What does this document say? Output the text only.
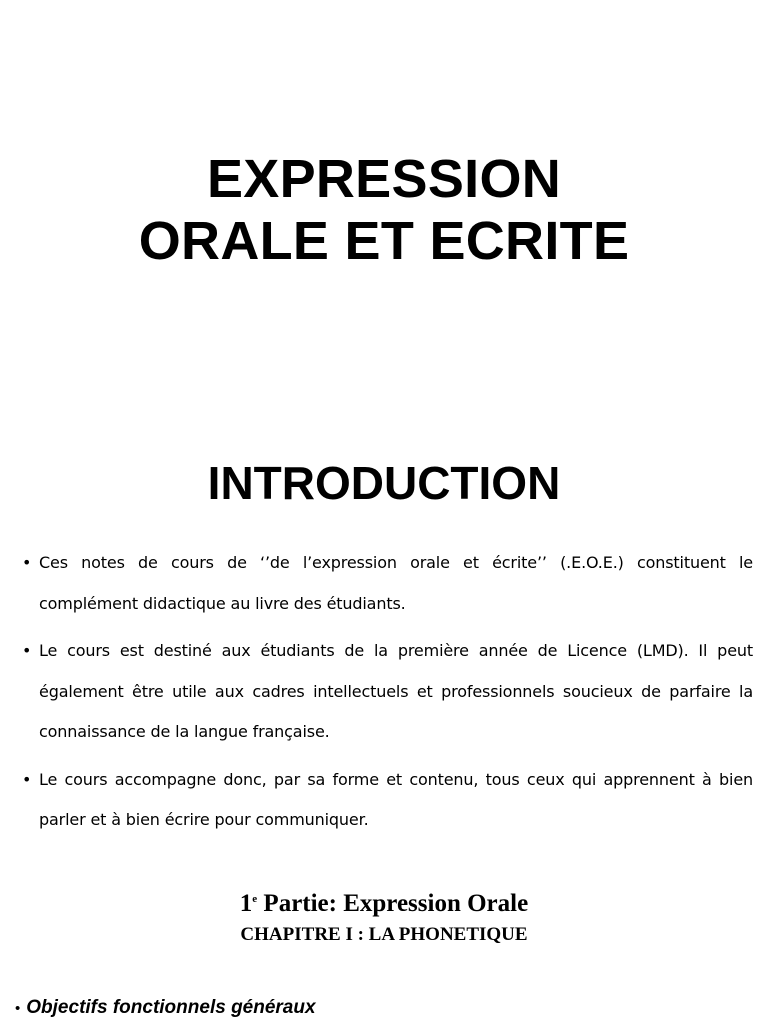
EXPRESSION
ORALE ET ECRITE
INTRODUCTION
• Ces notes de cours de ‘’de l’expression orale et écrite’’ (.E.O.E.) constituent le complément didactique au livre des étudiants.
• Le cours est destiné aux étudiants de la première année de Licence (LMD). Il peut également être utile aux cadres intellectuels et professionnels soucieux de parfaire la connaissance de la langue française.
• Le cours accompagne donc, par sa forme et contenu, tous ceux qui apprennent à bien parler et à bien écrire pour communiquer.
1e Partie: Expression Orale
CHAPITRE I : LA PHONETIQUE
• Objectifs fonctionnels généraux
